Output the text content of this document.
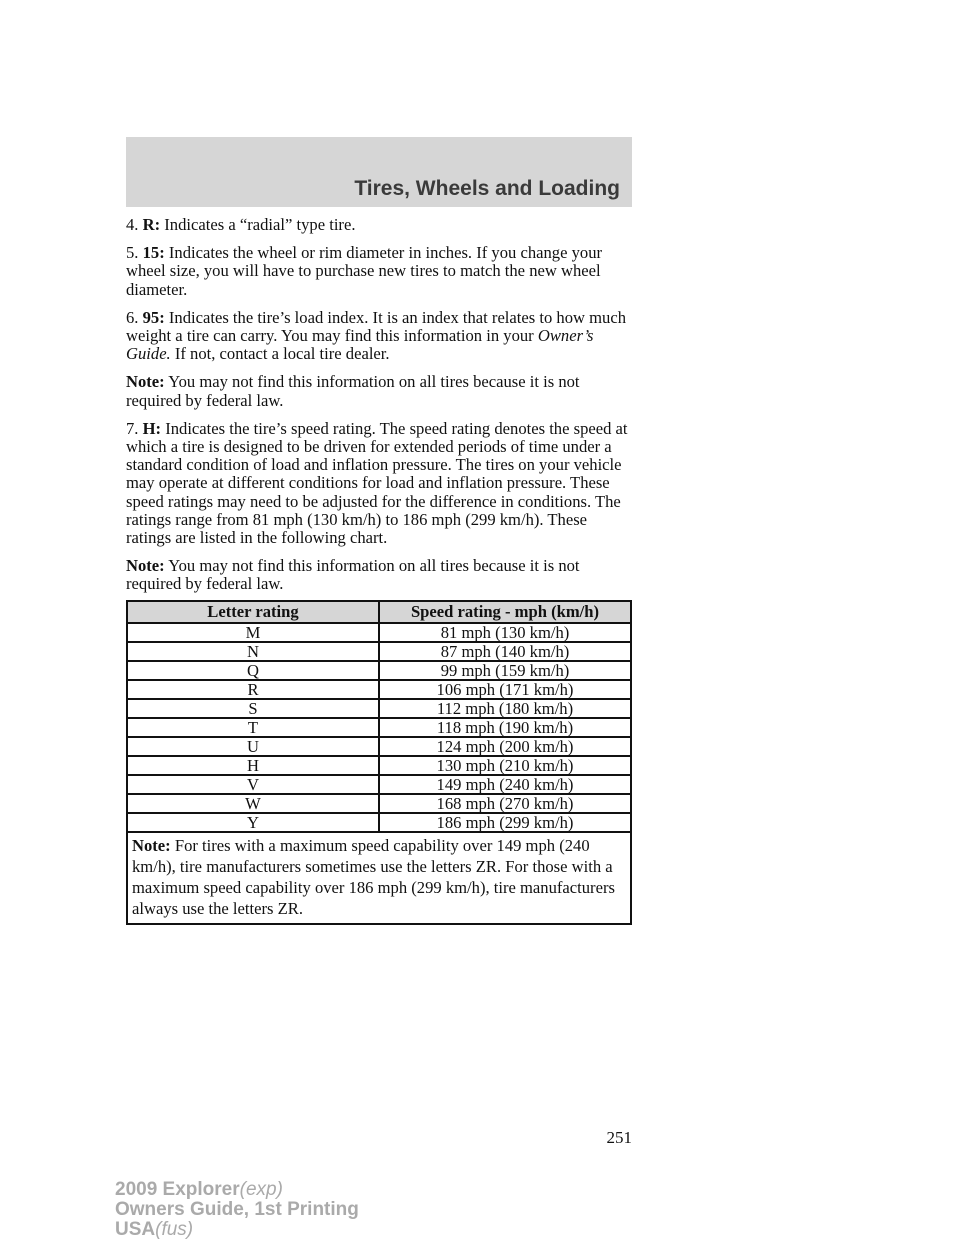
Tires, Wheels and Loading

4. R: Indicates a “radial” type tire.

5. 15: Indicates the wheel or rim diameter in inches. If you change your wheel size, you will have to purchase new tires to match the new wheel diameter.

6. 95: Indicates the tire’s load index. It is an index that relates to how much weight a tire can carry. You may find this information in your Owner’s Guide. If not, contact a local tire dealer.

Note: You may not find this information on all tires because it is not required by federal law.

7. H: Indicates the tire’s speed rating. The speed rating denotes the speed at which a tire is designed to be driven for extended periods of time under a standard condition of load and inflation pressure. The tires on your vehicle may operate at different conditions for load and inflation pressure. These speed ratings may need to be adjusted for the difference in conditions. The ratings range from 81 mph (130 km/h) to 186 mph (299 km/h). These ratings are listed in the following chart.

Note: You may not find this information on all tires because it is not required by federal law.

Letter rating	Speed rating - mph (km/h)
M	81 mph (130 km/h)
N	87 mph (140 km/h)
Q	99 mph (159 km/h)
R	106 mph (171 km/h)
S	112 mph (180 km/h)
T	118 mph (190 km/h)
U	124 mph (200 km/h)
H	130 mph (210 km/h)
V	149 mph (240 km/h)
W	168 mph (270 km/h)
Y	186 mph (299 km/h)
Note: For tires with a maximum speed capability over 149 mph (240 km/h), tire manufacturers sometimes use the letters ZR. For those with a maximum speed capability over 186 mph (299 km/h), tire manufacturers always use the letters ZR.	
251
2009 Explorer(exp)
Owners Guide, 1st Printing
USA(fus)
